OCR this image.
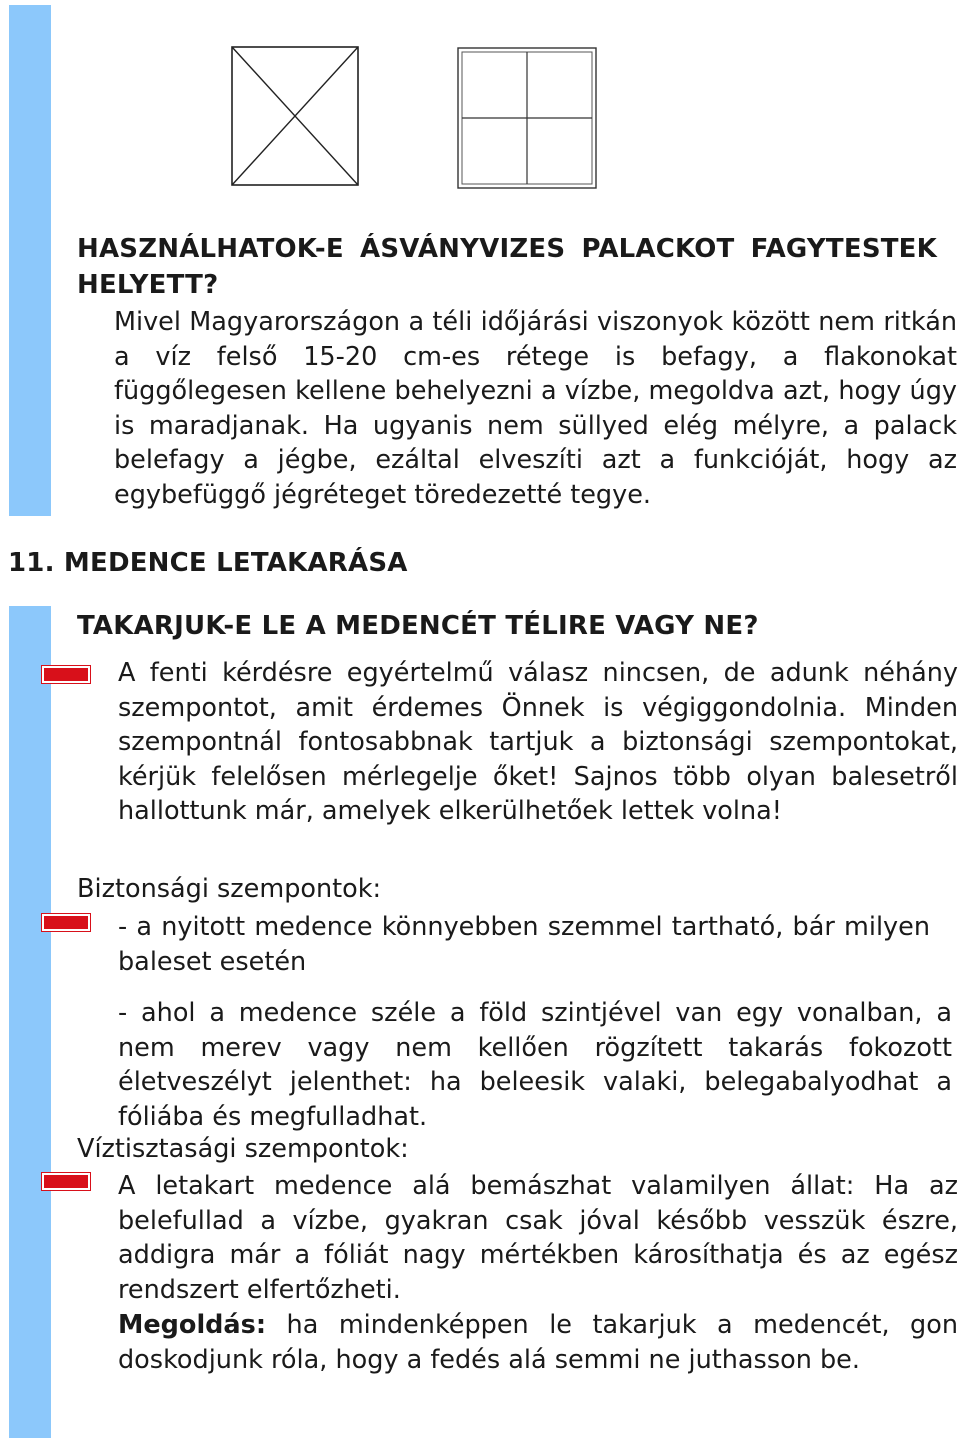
HASZNÁLHATOK-E ÁSVÁNYVIZES PALACKOT FAGYTESTEK
HELYETT?

Mivel Magyarországon a téli időjárási viszonyok között nem ritkán a víz felső 15-20 cm-es rétege is befagy, a flakonokat függőlegesen kellene behelyezni a vízbe, megoldva azt, hogy úgy is maradjanak. Ha ugyanis nem süllyed elég mélyre, a palack belefagy a jégbe, ezáltal elveszíti azt a funkcióját, hogy az egybefüggő jégréteget töredezetté tegye.

11. MEDENCE LETAKARÁSA
TAKARJUK-E LE A MEDENCÉT TÉLIRE VAGY NE?

A fenti kérdésre egyértelmű válasz nincsen, de adunk néhány szempontot, amit érdemes Önnek is végiggondolnia. Minden szempontnál fontosabbnak tartjuk a biztonsági szempontokat, kérjük felelősen mérlegelje őket! Sajnos több olyan balesetről hallottunk már, amelyek elkerülhetőek lettek volna!

Biztonsági szempontok:

- a nyitott medence könnyebben szemmel tartható, bár milyen baleset esetén

- ahol a medence széle a föld szintjével van egy vonalban, a nem merev vagy nem kellően rögzített takarás fokozott életveszélyt jelenthet: ha beleesik valaki, belegabalyodhat a fóliába és megfulladhat.

Víztisztasági szempontok:

A letakart medence alá bemászhat valamilyen állat: Ha az belefullad a vízbe, gyakran csak jóval később vesszük észre, addigra már a fóliát nagy mértékben károsíthatja és az egész rendszert elfertőzheti.

Megoldás: ha mindenképpen le takarjuk a medencét, gon doskodjunk róla, hogy a fedés alá semmi ne juthasson be.
